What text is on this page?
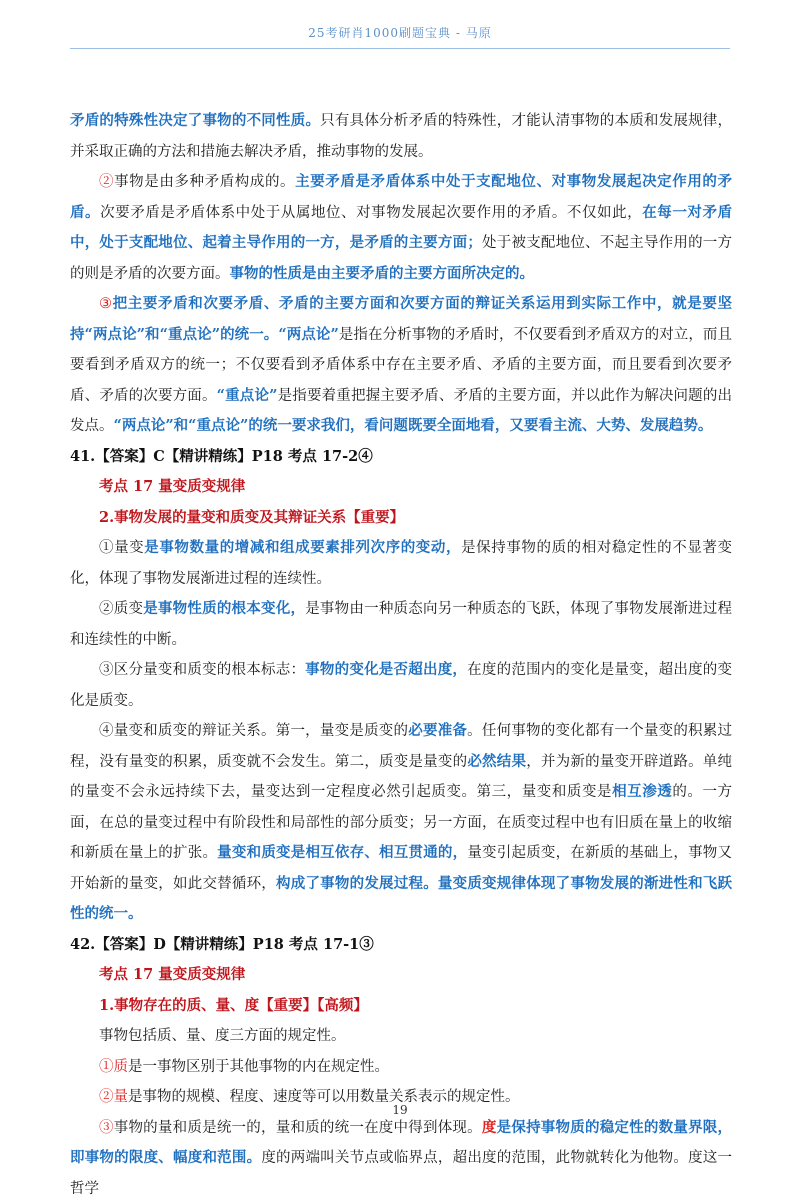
25考研肖1000刷题宝典 - 马原

矛盾的特殊性决定了事物的不同性质。只有具体分析矛盾的特殊性，才能认清事物的本质和发展规律，并采取正确的方法和措施去解决矛盾，推动事物的发展。

②事物是由多种矛盾构成的。主要矛盾是矛盾体系中处于支配地位、对事物发展起决定作用的矛盾。次要矛盾是矛盾体系中处于从属地位、对事物发展起次要作用的矛盾。不仅如此，在每一对矛盾中，处于支配地位、起着主导作用的一方，是矛盾的主要方面；处于被支配地位、不起主导作用的一方的则是矛盾的次要方面。事物的性质是由主要矛盾的主要方面所决定的。

③把主要矛盾和次要矛盾、矛盾的主要方面和次要方面的辩证关系运用到实际工作中，就是要坚持“两点论”和“重点论”的统一。“两点论”是指在分析事物的矛盾时，不仅要看到矛盾双方的对立，而且要看到矛盾双方的统一；不仅要看到矛盾体系中存在主要矛盾、矛盾的主要方面，而且要看到次要矛盾、矛盾的次要方面。“重点论”是指要着重把握主要矛盾、矛盾的主要方面，并以此作为解决问题的出发点。“两点论”和“重点论”的统一要求我们，看问题既要全面地看，又要看主流、大势、发展趋势。

41.【答案】C【精讲精练】P18 考点 17-2④

考点 17 量变质变规律

2.事物发展的量变和质变及其辩证关系【重要】

①量变是事物数量的增减和组成要素排列次序的变动，是保持事物的质的相对稳定性的不显著变化，体现了事物发展渐进过程的连续性。

②质变是事物性质的根本变化，是事物由一种质态向另一种质态的飞跃，体现了事物发展渐进过程和连续性的中断。

③区分量变和质变的根本标志：事物的变化是否超出度，在度的范围内的变化是量变，超出度的变化是质变。

④量变和质变的辩证关系。第一，量变是质变的必要准备。任何事物的变化都有一个量变的积累过程，没有量变的积累，质变就不会发生。第二，质变是量变的必然结果，并为新的量变开辟道路。单纯的量变不会永远持续下去，量变达到一定程度必然引起质变。第三，量变和质变是相互渗透的。一方面，在总的量变过程中有阶段性和局部性的部分质变；另一方面，在质变过程中也有旧质在量上的收缩和新质在量上的扩张。量变和质变是相互依存、相互贯通的，量变引起质变，在新质的基础上，事物又开始新的量变，如此交替循环，构成了事物的发展过程。量变质变规律体现了事物发展的渐进性和飞跃性的统一。

42.【答案】D【精讲精练】P18 考点 17-1③

考点 17 量变质变规律

1.事物存在的质、量、度【重要】【高频】

事物包括质、量、度三方面的规定性。

①质是一事物区别于其他事物的内在规定性。

②量是事物的规模、程度、速度等可以用数量关系表示的规定性。

③事物的量和质是统一的，量和质的统一在度中得到体现。度是保持事物质的稳定性的数量界限，即事物的限度、幅度和范围。度的两端叫关节点或临界点，超出度的范围，此物就转化为他物。度这一哲学

19
